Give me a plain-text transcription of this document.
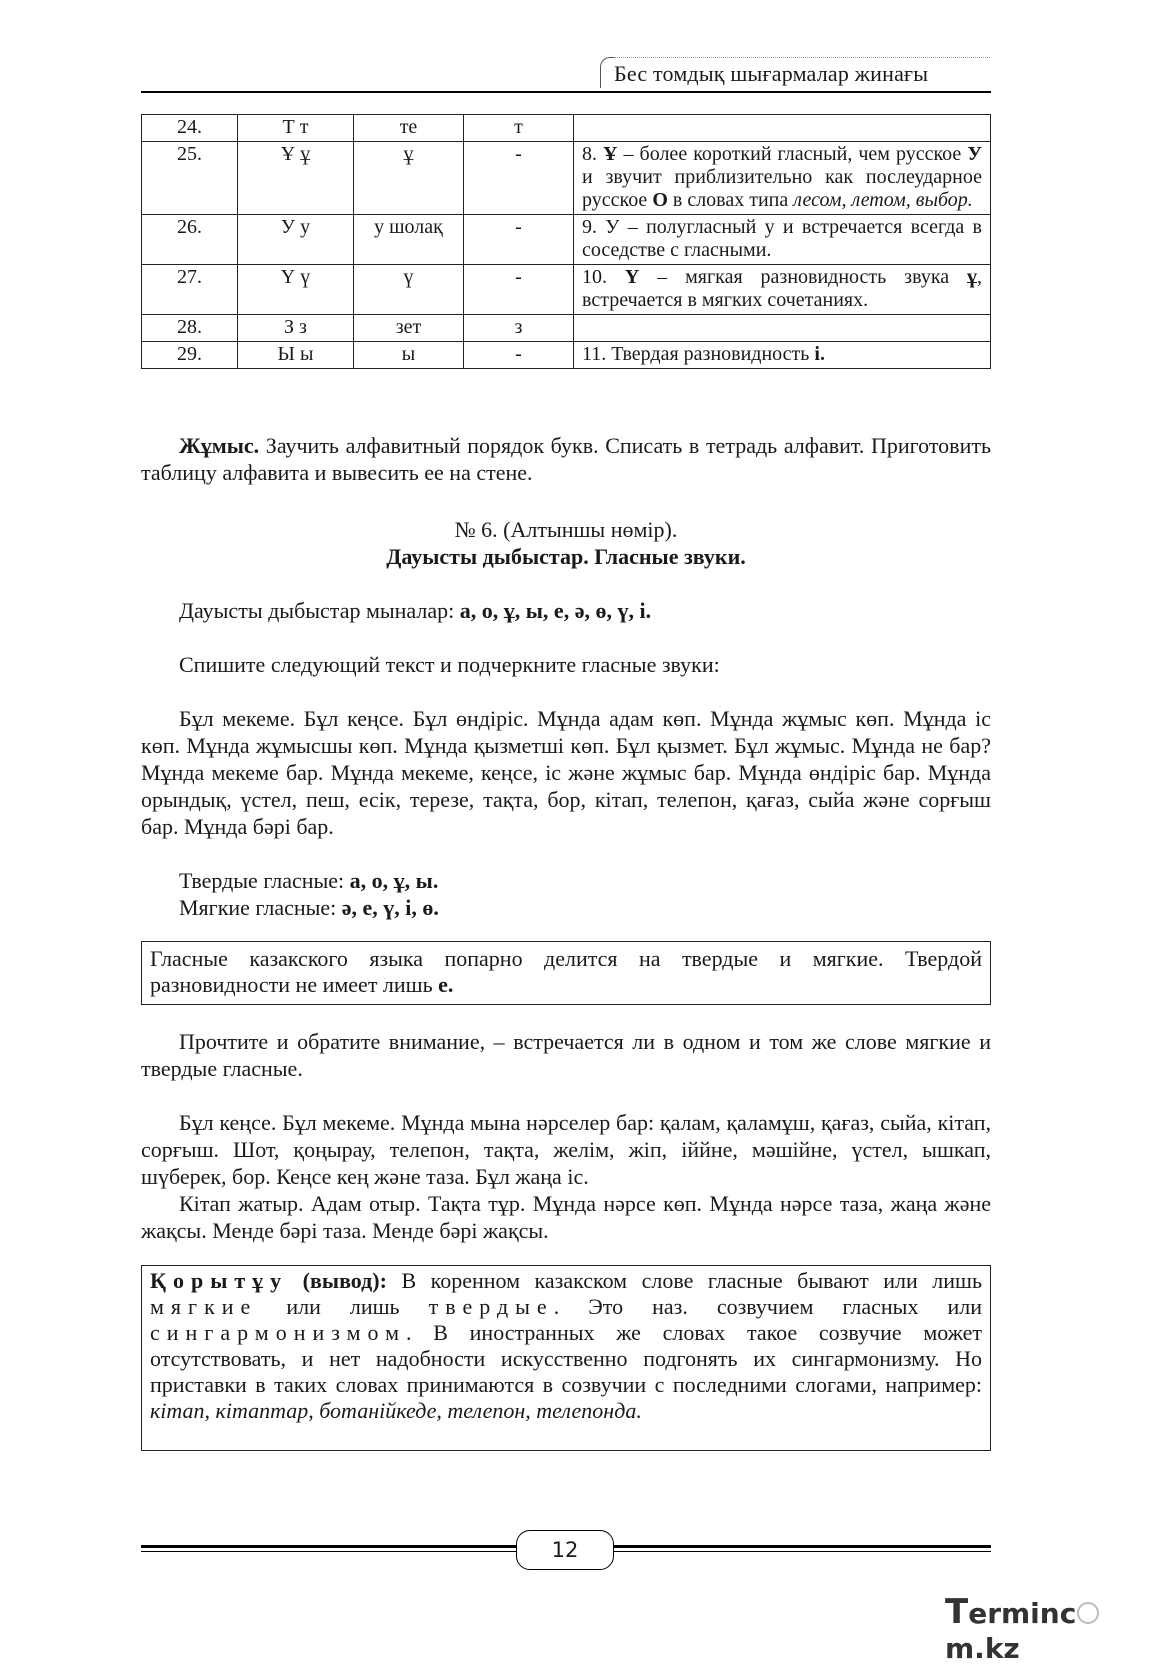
Бес томдық шығармалар жинағы
24.	Т т	те	т	
25.	Ұ ұ	ұ	-	8. Ұ – более короткий гласный, чем русское У и звучит приблизительно как послеударное русское О в словах типа лесом, летом, выбор.
26.	У у	у шолақ	-	9. У – полугласный у и встречается всегда в соседстве с гласными.
27.	Ү ү	ү	-	10. Ү – мягкая разновидность звука ұ, встречается в мягких сочетаниях.
28.	З з	зет	з	
29.	Ы ы	ы	-	11. Твердая разновидность і.
Жұмыс. Заучить алфавитный порядок букв. Списать в тетрадь алфавит. Приготовить таблицу алфавита и вывесить ее на стене.
№ 6. (Алтыншы нөмір).
Дауысты дыбыстар. Гласные звуки.
Дауысты дыбыстар мыналар: а, о, ұ, ы, е, ә, ө, ү, і.
Спишите следующий текст и подчеркните гласные звуки:
Бұл мекеме. Бұл кеңсе. Бұл өндіріс. Мұнда адам көп. Мұнда жұмыс көп. Мұнда іс көп. Мұнда жұмысшы көп. Мұнда қызметші көп. Бұл қызмет. Бұл жұмыс. Мұнда не бар? Мұнда мекеме бар. Мұнда мекеме, кеңсе, іс және жұмыс бар. Мұнда өндіріс бар. Мұнда орындық, үстел, пеш, есік, терезе, тақта, бор, кітап, телепон, қағаз, сыйа және сорғыш бар. Мұнда бәрі бар.
Твердые гласные: а, о, ұ, ы.
Мягкие гласные: ә, е, ү, і, ө.
Гласные казакского языка попарно делится на твердые и мягкие. Твердой разновидности не имеет лишь е.
Прочтите и обратите внимание, – встречается ли в одном и том же слове мягкие и твердые гласные.
Бұл кеңсе. Бұл мекеме. Мұнда мына нәрселер бар: қалам, қаламұш, қағаз, сыйа, кітап, сорғыш. Шот, қоңырау, телепон, тақта, желім, жіп, іййне, мәшійне, үстел, ышкап, шүберек, бор. Кеңсе кең және таза. Бұл жаңа іс.
Кітап жатыр. Адам отыр. Тақта тұр. Мұнда нәрсе көп. Мұнда нәрсе таза, жаңа және жақсы. Менде бәрі таза. Менде бәрі жақсы.
Қорытұу (вывод): В коренном казакском слове гласные бывают или лишь мягкие или лишь твердые. Это наз. созвучием гласных или сингармонизмом. В иностранных же словах такое созвучие может отсутствовать, и нет надобности искусственно подгонять их сингармонизму. Но приставки в таких словах принимаются в созвучии с последними слогами, например: кітап, кітаптар, ботанійкеде, телепон, телепонда.
12
Termincm.kz
